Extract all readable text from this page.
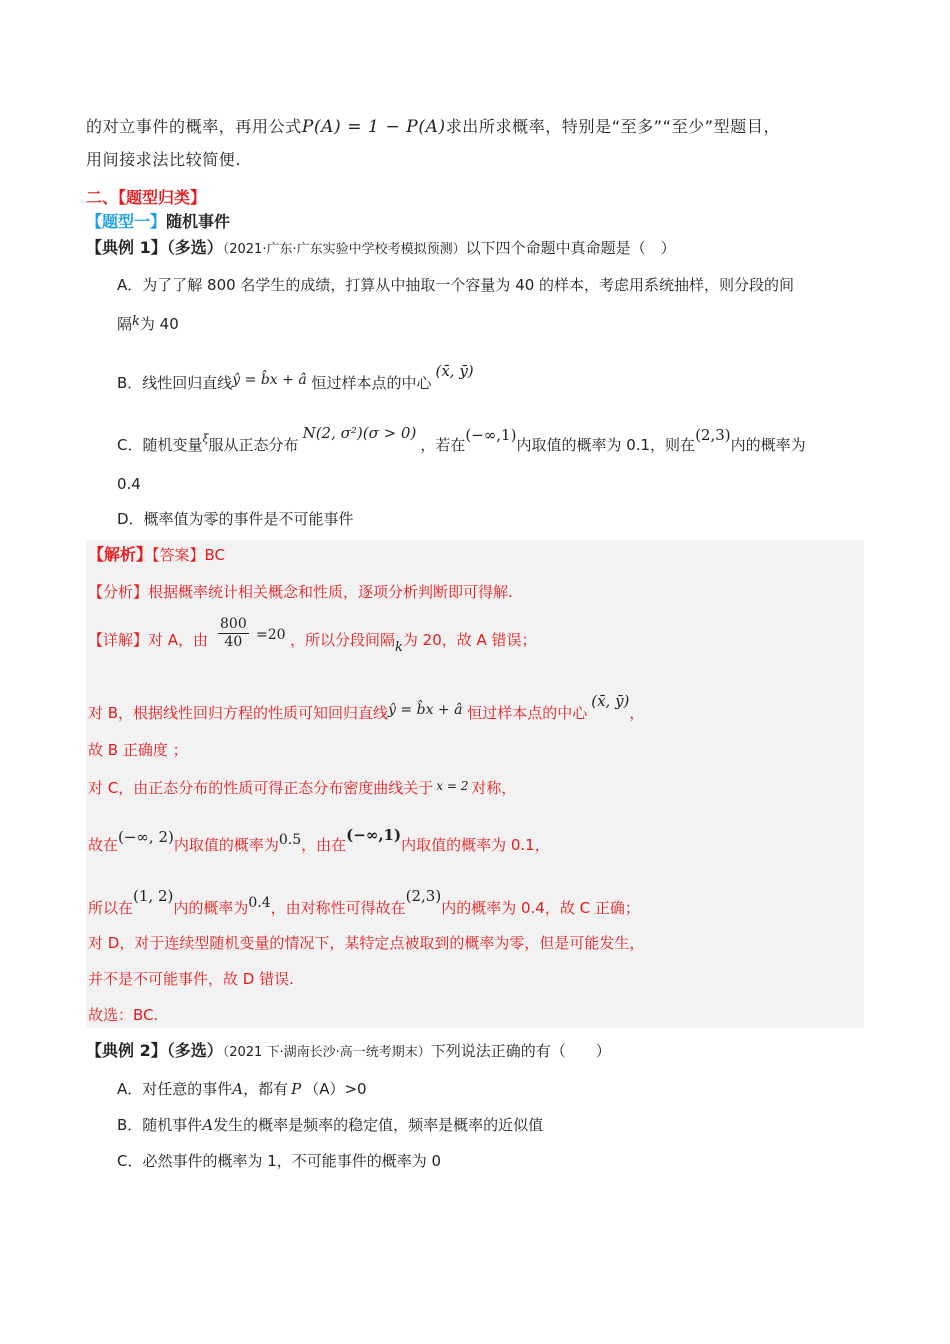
的对立事件的概率，再用公式P(A) = 1 − P(A)求出所求概率，特别是“至多”“至少”型题目，
用间接求法比较简便.
二、【题型归类】
【题型一】随机事件
【典例 1】（多选）（2021·广东·广东实验中学校考模拟预测）以下四个命题中真命题是（　）
A．为了了解 800 名学生的成绩，打算从中抽取一个容量为 40 的样本，考虑用系统抽样，则分段的间
隔k为 40
B．线性回归直线ŷ = b̂x + â 恒过样本点的中心(x̄, ȳ)
C．随机变量$^\xi$服从正态分布N(2, σ²)(σ > 0)，若在(−∞,1)内取值的概率为 0.1，则在(2,3)内的概率为
0.4
D．概率值为零的事件是不可能事件
【解析】【答案】BC
【分析】根据概率统计相关概念和性质，逐项分析判断即可得解.
【详解】对 A，由 $\frac{800}{40} =20$ ，所以分段间隔k为 20，故 A 错误；
对 B，根据线性回归方程的性质可知回归直线ŷ = b̂x + â 恒过样本点的中心(x̄, ȳ)，
故 B 正确度 ；
对 C，由正态分布的性质可得正态分布密度曲线关于 $^{x = 2}$ 对称，
故在(−∞, 2)内取值的概率为0.5，由在(−∞,1)内取值的概率为 0.1，
所以在(1, 2)内的概率为0.4，由对称性可得故在(2,3)内的概率为 0.4，故 C 正确；
对 D，对于连续型随机变量的情况下，某特定点被取到的概率为零，但是可能发生，
并不是不可能事件，故 D 错误.
故选：BC.
【典例 2】（多选）（2021 下·湖南长沙·高一统考期末）下列说法正确的有（　　）
A．对任意的事件A，都有 P （A）>0
B．随机事件A发生的概率是频率的稳定值，频率是概率的近似值
C．必然事件的概率为 1，不可能事件的概率为 0
